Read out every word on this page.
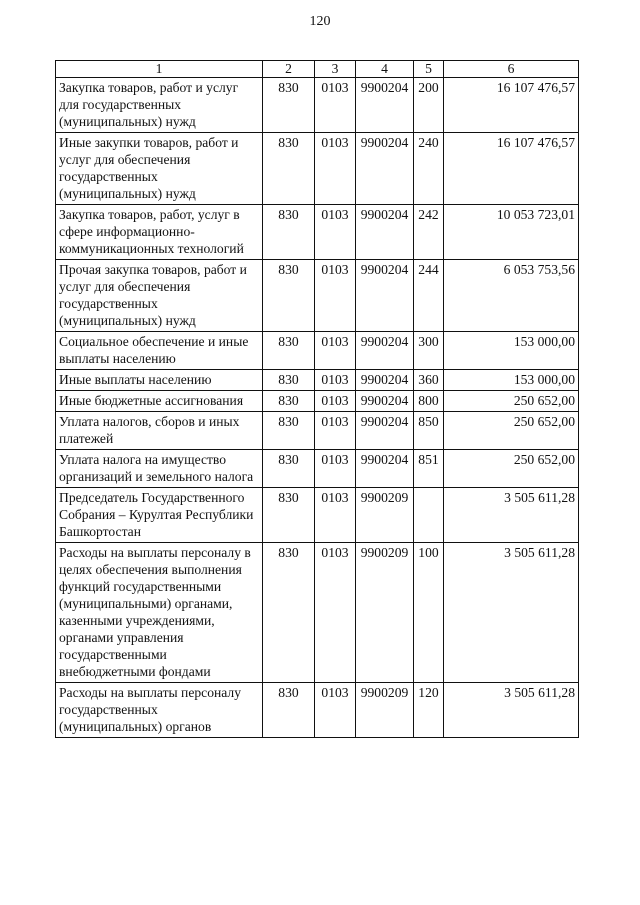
120
1	2	3	4	5	6
Закупка товаров, работ и услуг для государственных (муниципальных) нужд	830	0103	9900204	200	16 107 476,57
Иные закупки товаров, работ и услуг для обеспечения государственных (муниципальных) нужд	830	0103	9900204	240	16 107 476,57
Закупка товаров, работ, услуг в сфере информационно-коммуникационных технологий	830	0103	9900204	242	10 053 723,01
Прочая закупка товаров, работ и услуг для обеспечения государственных (муниципальных) нужд	830	0103	9900204	244	6 053 753,56
Социальное обеспечение и иные выплаты населению	830	0103	9900204	300	153 000,00
Иные выплаты населению	830	0103	9900204	360	153 000,00
Иные бюджетные ассигнования	830	0103	9900204	800	250 652,00
Уплата налогов, сборов и иных платежей	830	0103	9900204	850	250 652,00
Уплата налога на имущество организаций и земельного налога	830	0103	9900204	851	250 652,00
Председатель Государственного Собрания – Курултая Республики Башкортостан	830	0103	9900209		3 505 611,28
Расходы на выплаты персоналу в целях обеспечения выполнения функций государственными (муниципальными) органами, казенными учреждениями, органами управления государственными внебюджетными фондами	830	0103	9900209	100	3 505 611,28
Расходы на выплаты персоналу государственных (муниципальных) органов	830	0103	9900209	120	3 505 611,28
